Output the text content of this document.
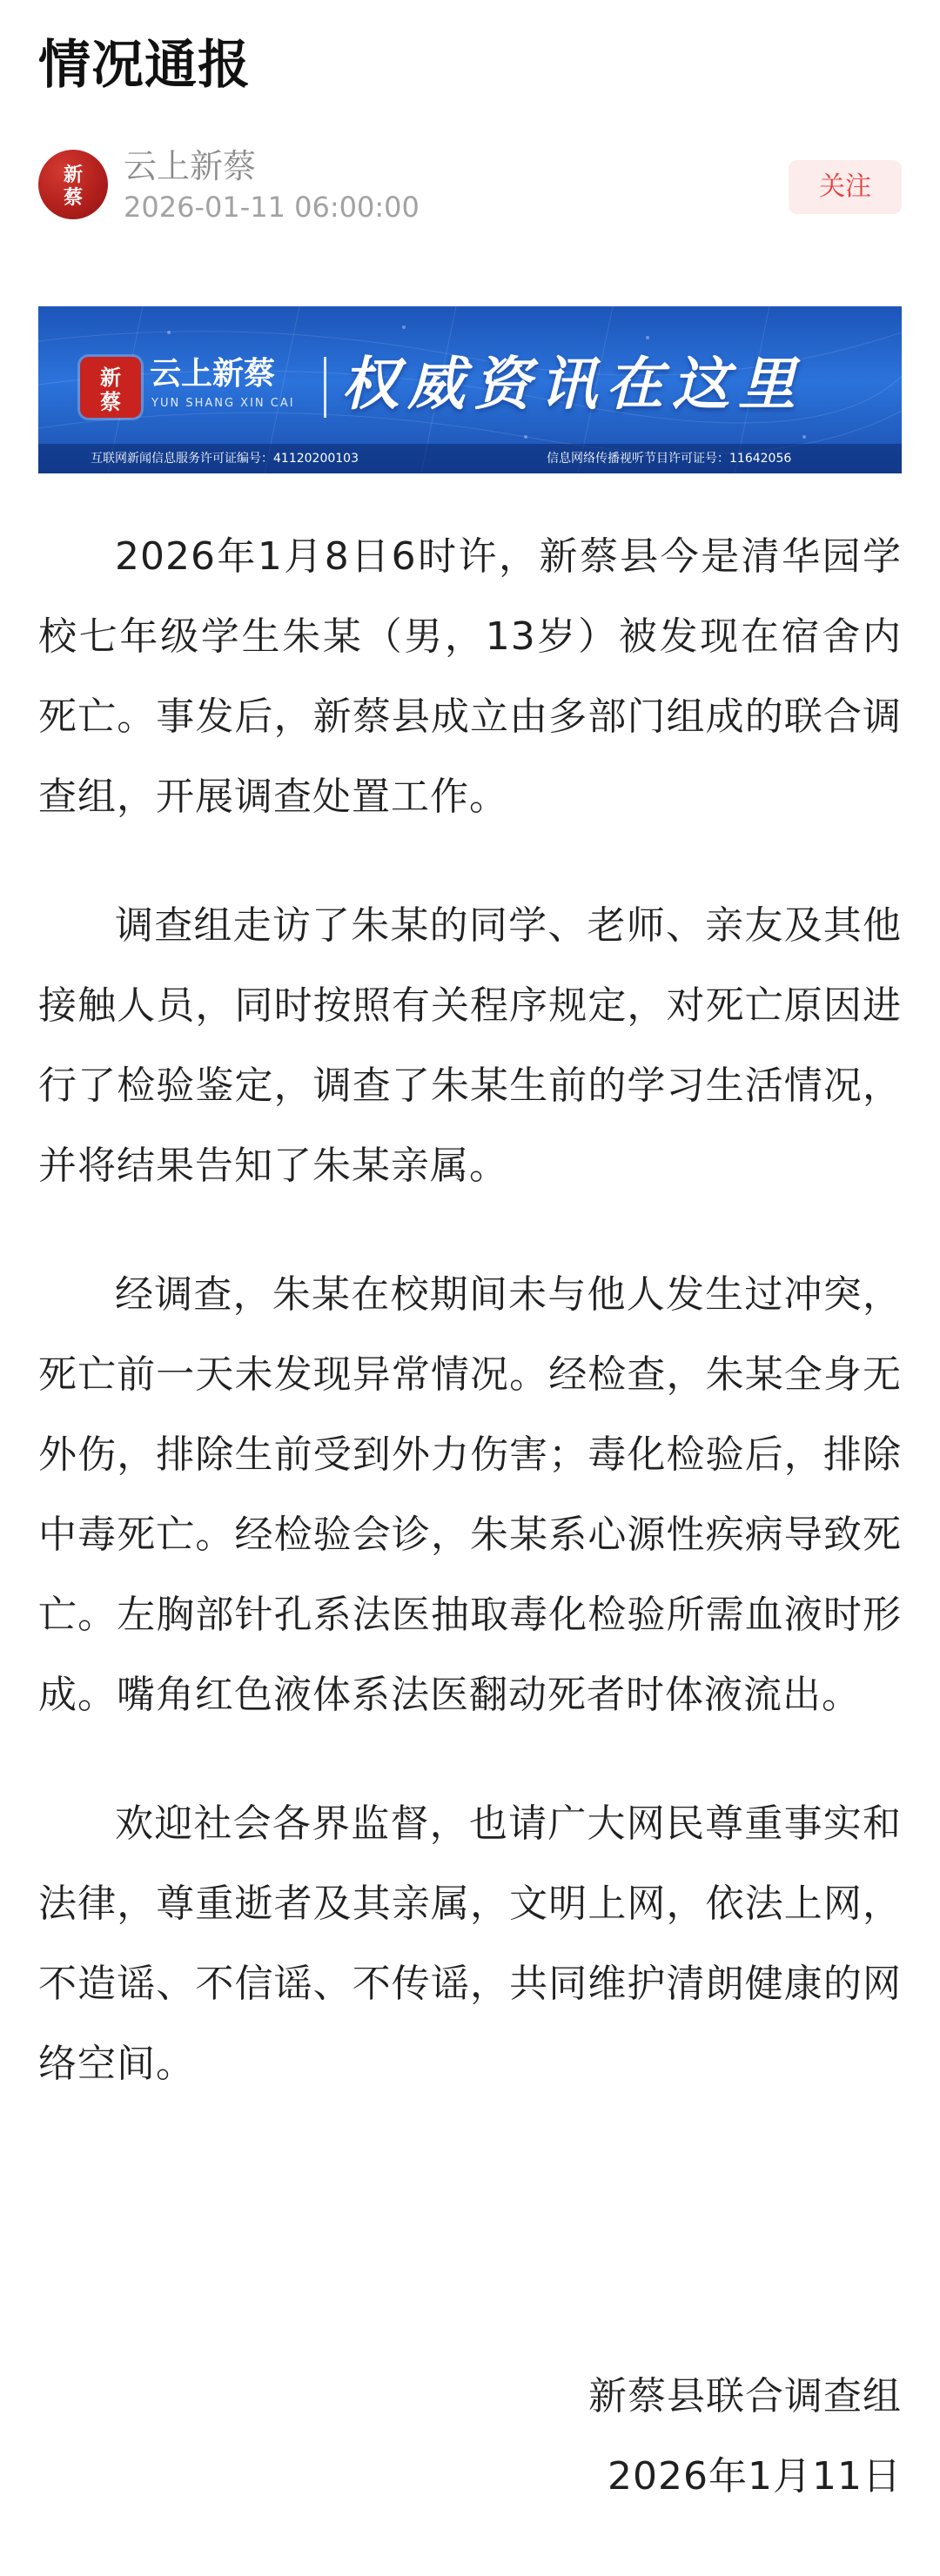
情况通报
新
蔡
云上新蔡
2026-01-11 06:00:00
关注
新
蔡
云上新蔡
YUN SHANG XIN CAI 权威资讯在这里
互联网新闻信息服务许可证编号：41120200103	信息网络传播视听节目许可证号：11642056

2026年1月8日6时许，新蔡县今是清华园学校七年级学生朱某（男，13岁）被发现在宿舍内死亡。事发后，新蔡县成立由多部门组成的联合调查组，开展调查处置工作。

调查组走访了朱某的同学、老师、亲友及其他接触人员，同时按照有关程序规定，对死亡原因进行了检验鉴定，调查了朱某生前的学习生活情况，并将结果告知了朱某亲属。

经调查，朱某在校期间未与他人发生过冲突，死亡前一天未发现异常情况。经检查，朱某全身无外伤，排除生前受到外力伤害；毒化检验后，排除中毒死亡。经检验会诊，朱某系心源性疾病导致死亡。左胸部针孔系法医抽取毒化检验所需血液时形成。嘴角红色液体系法医翻动死者时体液流出。

欢迎社会各界监督，也请广大网民尊重事实和法律，尊重逝者及其亲属，文明上网，依法上网，不造谣、不信谣、不传谣，共同维护清朗健康的网络空间。

新蔡县联合调查组
2026年1月11日
